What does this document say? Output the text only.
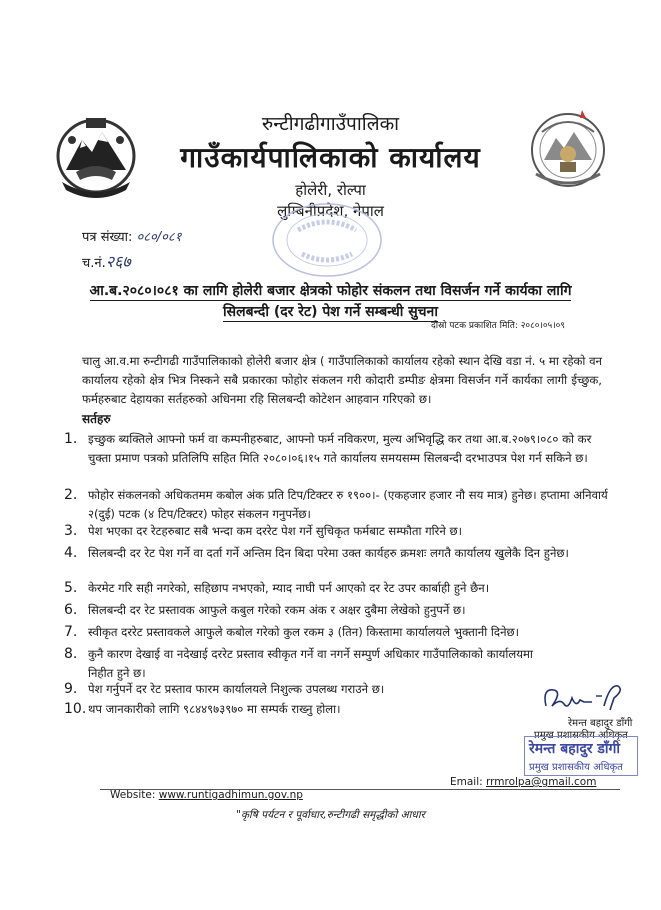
रुन्टीगढीगाउँपालिका
गाउँकार्यपालिकाको कार्यालय
होलेरी, रोल्पा
लुम्बिनीप्रदेश, नेपाल
पत्र संख्या: ०८०/०८१
च.नं.२६७
आ.ब.२०८०।०८१ का लागि होलेरी बजार क्षेत्रको फोहोर संकलन तथा विसर्जन गर्ने कार्यका लागि
सिलबन्दी (दर रेट) पेश गर्ने सम्बन्धी सुचना
दोस्रो पटक प्रकाशित मिति: २०८०।०५।०९
चालु आ.व.मा रुन्टीगढी गाउँपालिकाको होलेरी बजार क्षेत्र ( गाउँपालिकाको कार्यालय रहेको स्थान देखि वडा नं. ५ मा रहेको वन कार्यालय रहेको क्षेत्र भित्र निस्कने सबै प्रकारका फोहोर संकलन गरी कोदारी डम्पीङ क्षेत्रमा विसर्जन गर्ने कार्यका लागी ईच्छुक, फर्महरुबाट देहायका सर्तहरुको अधिनमा रहि सिलबन्दी कोटेशन आहवान गरिएको छ।
सर्तहरु
1. इच्छुक ब्यक्तिले आफ्नो फर्म वा कम्पनीहरुबाट, आफ्नो फर्म नविकरण, मुल्य अभिवृद्धि कर तथा आ.ब.२०७९।०८० को कर चुक्ता प्रमाण पत्रको प्रतिलिपि सहित मिति २०८०।०६।१५ गते कार्यालय समयसम्म सिलबन्दी दरभाउपत्र पेश गर्न सकिने छ।
2. फोहोर संकलनको अधिकतमम कबोल अंक प्रति टिप/टिक्टर रु १९००।- (एकहजार हजार नौ सय मात्र) हुनेछ। हप्तामा अनिवार्य २(दुई) पटक (४ टिप/टिक्टर) फोहर संकलन गनुपर्नेछ।
3. पेश भएका दर रेटहरुबाट सबै भन्दा कम दररेट पेश गर्ने सुचिकृत फर्मबाट सम्फौता गरिने छ।
4. सिलबन्दी दर रेट पेश गर्ने वा दर्ता गर्ने अन्तिम दिन बिदा परेमा उक्त कार्यहरु क्रमशः लगतै कार्यालय खुलेकै दिन हुनेछ।
5. केरमेट गरि सही नगरेको, सहिछाप नभएको, म्याद नाघी पर्न आएको दर रेट उपर कार्बाही हुने छैन।
6. सिलबन्दी दर रेट प्रस्तावक आफुले कबुल गरेको रकम अंक र अक्षर दुबैमा लेखेको हुनुपर्ने छ।
7. स्वीकृत दररेट प्रस्तावकले आफुले कबोल गरेको कुल रकम ३ (तिन) किस्तामा कार्यालयले भुक्तानी दिनेछ।
8. कुनै कारण देखाई वा नदेखाई दररेट प्रस्ताव स्वीकृत गर्ने वा नगर्ने सम्पुर्ण अधिकार गाउँपालिकाको कार्यालयमा निहीत हुने छ।
9. पेश गर्नुपर्ने दर रेट प्रस्ताव फारम कार्यालयले निशुल्क उपलब्ध गराउने छ।
10. थप जानकारीको लागि ९८४४९७३९७० मा सम्पर्क राख्नु होला।
रेमन्त बहादुर डाँगी
प्रमुख प्रशासकीय अधिकृत
रेमन्त बहादुर डाँगी
प्रमुख प्रशासकीय अधिकृत
Email: rrmrolpa@gmail.com
Website: www.runtigadhimun.gov.np
"कृषि पर्यटन र पूर्वाधार,रुन्टीगढी समृद्धीको आधार
